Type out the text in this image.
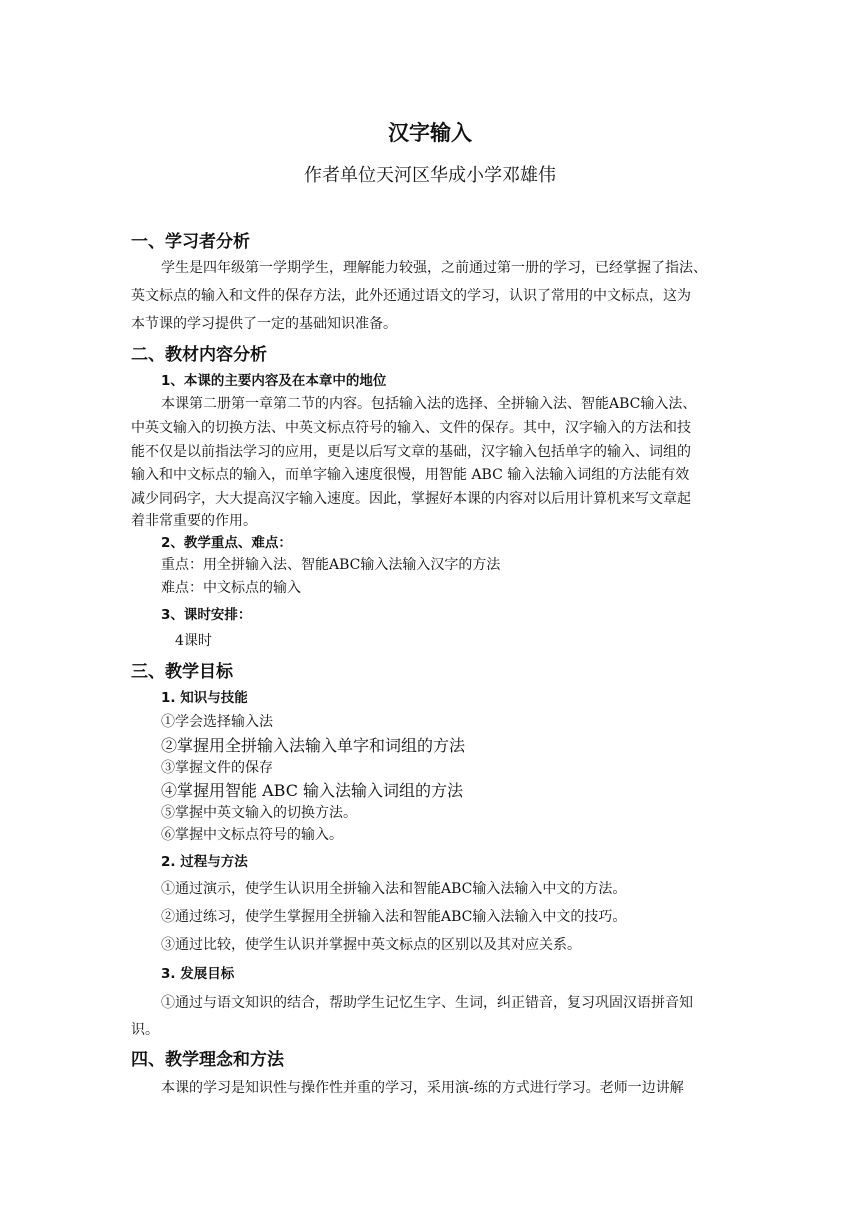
汉字输入
作者单位天河区华成小学邓雄伟
一、学习者分析
学生是四年级第一学期学生，理解能力较强，之前通过第一册的学习，已经掌握了指法、
英文标点的输入和文件的保存方法，此外还通过语文的学习，认识了常用的中文标点，这为
本节课的学习提供了一定的基础知识准备。
二、教材内容分析
1、本课的主要内容及在本章中的地位
本课第二册第一章第二节的内容。包括输入法的选择、全拼输入法、智能ABC输入法、
中英文输入的切换方法、中英文标点符号的输入、文件的保存。其中，汉字输入的方法和技
能不仅是以前指法学习的应用，更是以后写文章的基础，汉字输入包括单字的输入、词组的
输入和中文标点的输入，而单字输入速度很慢，用智能 ABC 输入法输入词组的方法能有效
减少同码字，大大提高汉字输入速度。因此，掌握好本课的内容对以后用计算机来写文章起
着非常重要的作用。
2、教学重点、难点：
重点：用全拼输入法、智能ABC输入法输入汉字的方法
难点：中文标点的输入
3、课时安排：
4课时
三、教学目标
1. 知识与技能
①学会选择输入法
②掌握用全拼输入法输入单字和词组的方法
③掌握文件的保存
④掌握用智能 ABC 输入法输入词组的方法
⑤掌握中英文输入的切换方法。
⑥掌握中文标点符号的输入。
2. 过程与方法
①通过演示，使学生认识用全拼输入法和智能ABC输入法输入中文的方法。
②通过练习，使学生掌握用全拼输入法和智能ABC输入法输入中文的技巧。
③通过比较，使学生认识并掌握中英文标点的区别以及其对应关系。
3. 发展目标
①通过与语文知识的结合，帮助学生记忆生字、生词，纠正错音，复习巩固汉语拼音知
识。
四、教学理念和方法
本课的学习是知识性与操作性并重的学习，采用演-练的方式进行学习。老师一边讲解
